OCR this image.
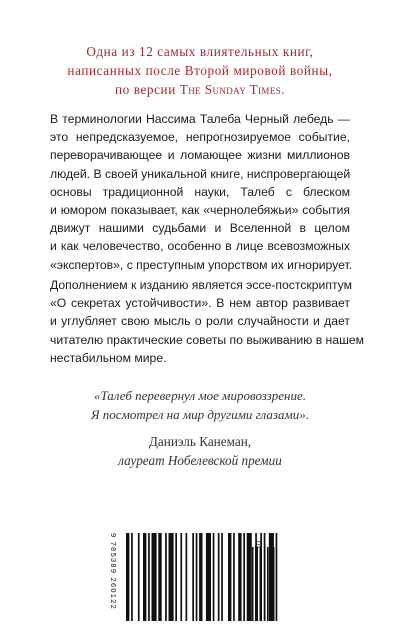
Одна из 12 самых влиятельных книг,
написанных после Второй мировой войны,
по версии The Sunday Times.
В терминологии Нассима Талеба Черный лебедь —
это непредсказуемое, непрогнозируемое событие,
переворачивающее и ломающее жизни миллионов
людей. В своей уникальной книге, ниспровергающей
основы традиционной науки, Талеб с блеском
и юмором показывает, как «чернолебяжьи» события
движут нашими судьбами и Вселенной в целом
и как человечество, особенно в лице всевозможных
«экспертов», с преступным упорством их игнорирует.
Дополнением к изданию является эссе-постскриптум
«О секретах устойчивости». В нем автор развивает
и углубляет свою мысль о роли случайности и дает
читателю практические советы по выживанию в нашем
нестабильном мире.
«Талеб перевернул мое мировоззрение.
Я посмотрел на мир другими глазами».
Даниэль Канеман,
лауреат Нобелевской премии
9 785389 260122	01
